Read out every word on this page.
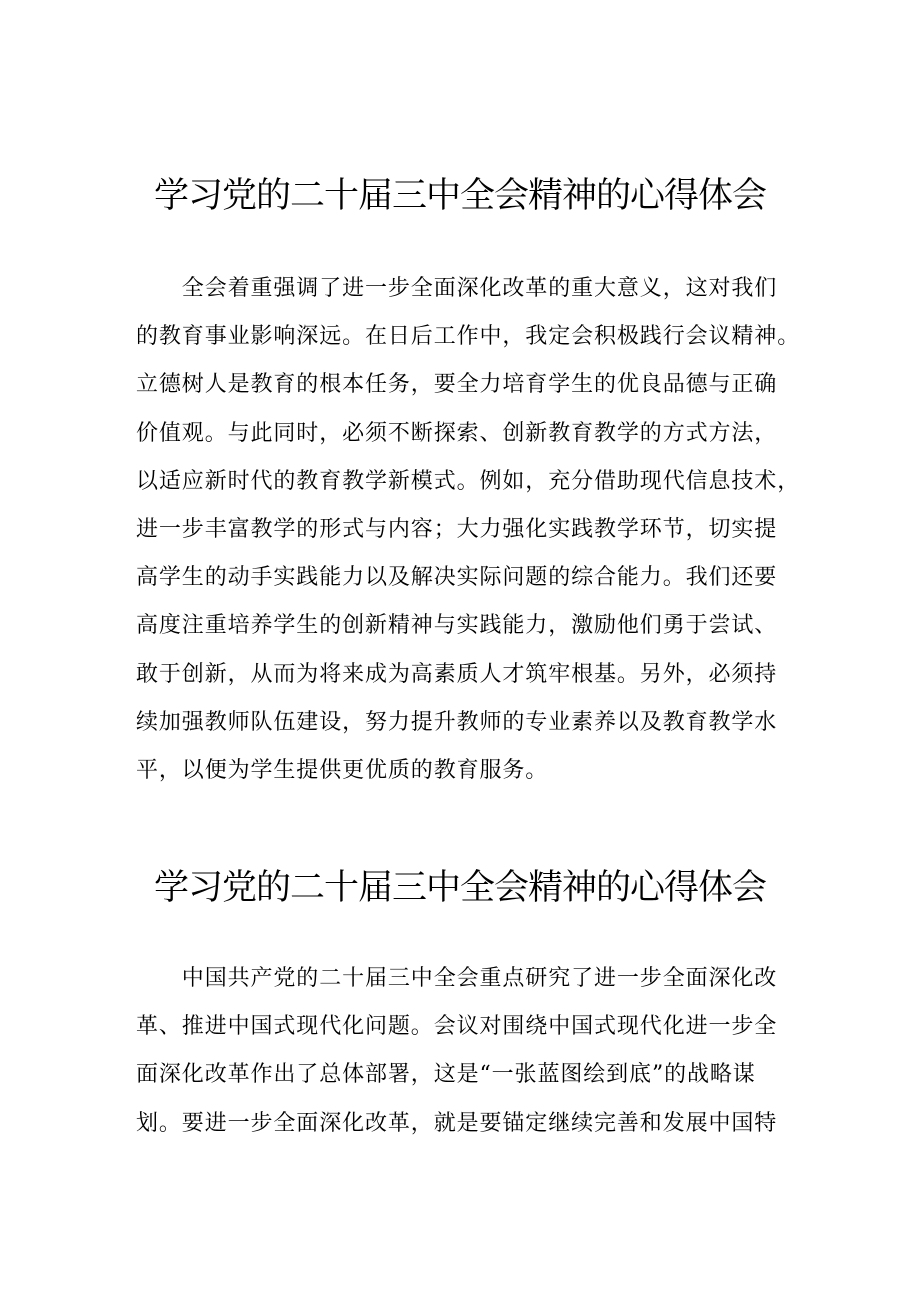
学习党的二十届三中全会精神的心得体会
　　全会着重强调了进一步全面深化改革的重大意义，这对我们
的教育事业影响深远。在日后工作中，我定会积极践行会议精神。
立德树人是教育的根本任务，要全力培育学生的优良品德与正确
价值观。与此同时，必须不断探索、创新教育教学的方式方法，
以适应新时代的教育教学新模式。例如，充分借助现代信息技术，
进一步丰富教学的形式与内容；大力强化实践教学环节，切实提
高学生的动手实践能力以及解决实际问题的综合能力。我们还要
高度注重培养学生的创新精神与实践能力，激励他们勇于尝试、
敢于创新，从而为将来成为高素质人才筑牢根基。另外，必须持
续加强教师队伍建设，努力提升教师的专业素养以及教育教学水
平，以便为学生提供更优质的教育服务。
学习党的二十届三中全会精神的心得体会
　　中国共产党的二十届三中全会重点研究了进一步全面深化改
革、推进中国式现代化问题。会议对围绕中国式现代化进一步全
面深化改革作出了总体部署，这是“一张蓝图绘到底”的战略谋
划。要进一步全面深化改革，就是要锚定继续完善和发展中国特
